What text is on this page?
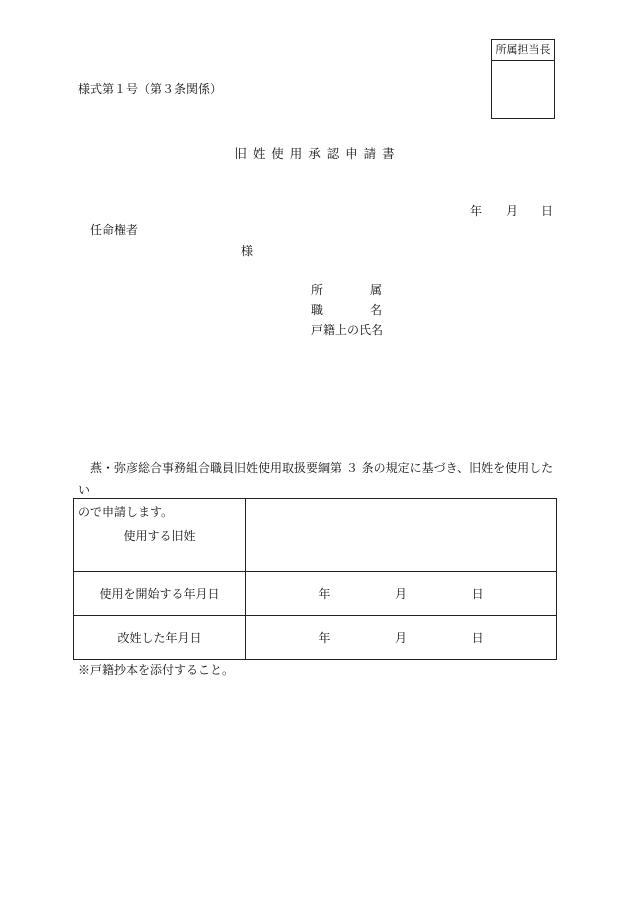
所属担当長
様式第１号（第３条関係）
旧 姓 使 用 承 認 申 請 書
年 月 日
任命権者
様
所	属
職	名
戸籍上の氏名

燕・弥彦総合事務組合職員旧姓使用取扱要綱第 ３ 条の規定に基づき、旧姓を使用したい

ので申請します。

使用する旧姓	
使用を開始する年月日	年 月 日

改姓した年月日	年 月 日
※戸籍抄本を添付すること。
